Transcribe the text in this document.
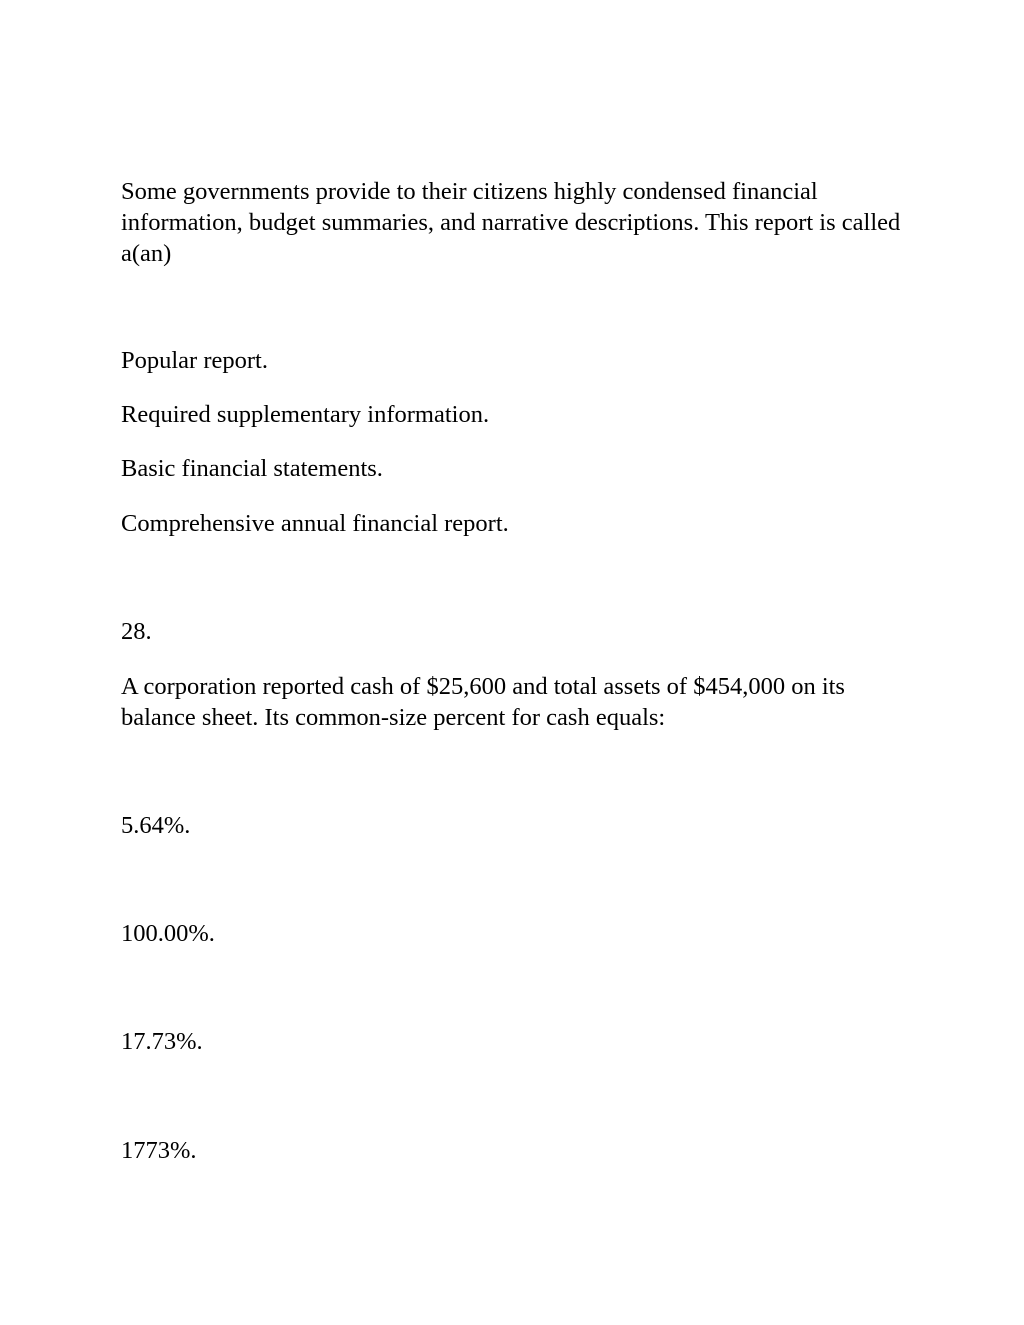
Some governments provide to their citizens highly condensed financial information, budget summaries, and narrative descriptions. This report is called a(an)

Popular report.

Required supplementary information.

Basic financial statements.

Comprehensive annual financial report.

28.

A corporation reported cash of $25,600 and total assets of $454,000 on its balance sheet. Its common-size percent for cash equals:

5.64%.

100.00%.

17.73%.

1773%.
